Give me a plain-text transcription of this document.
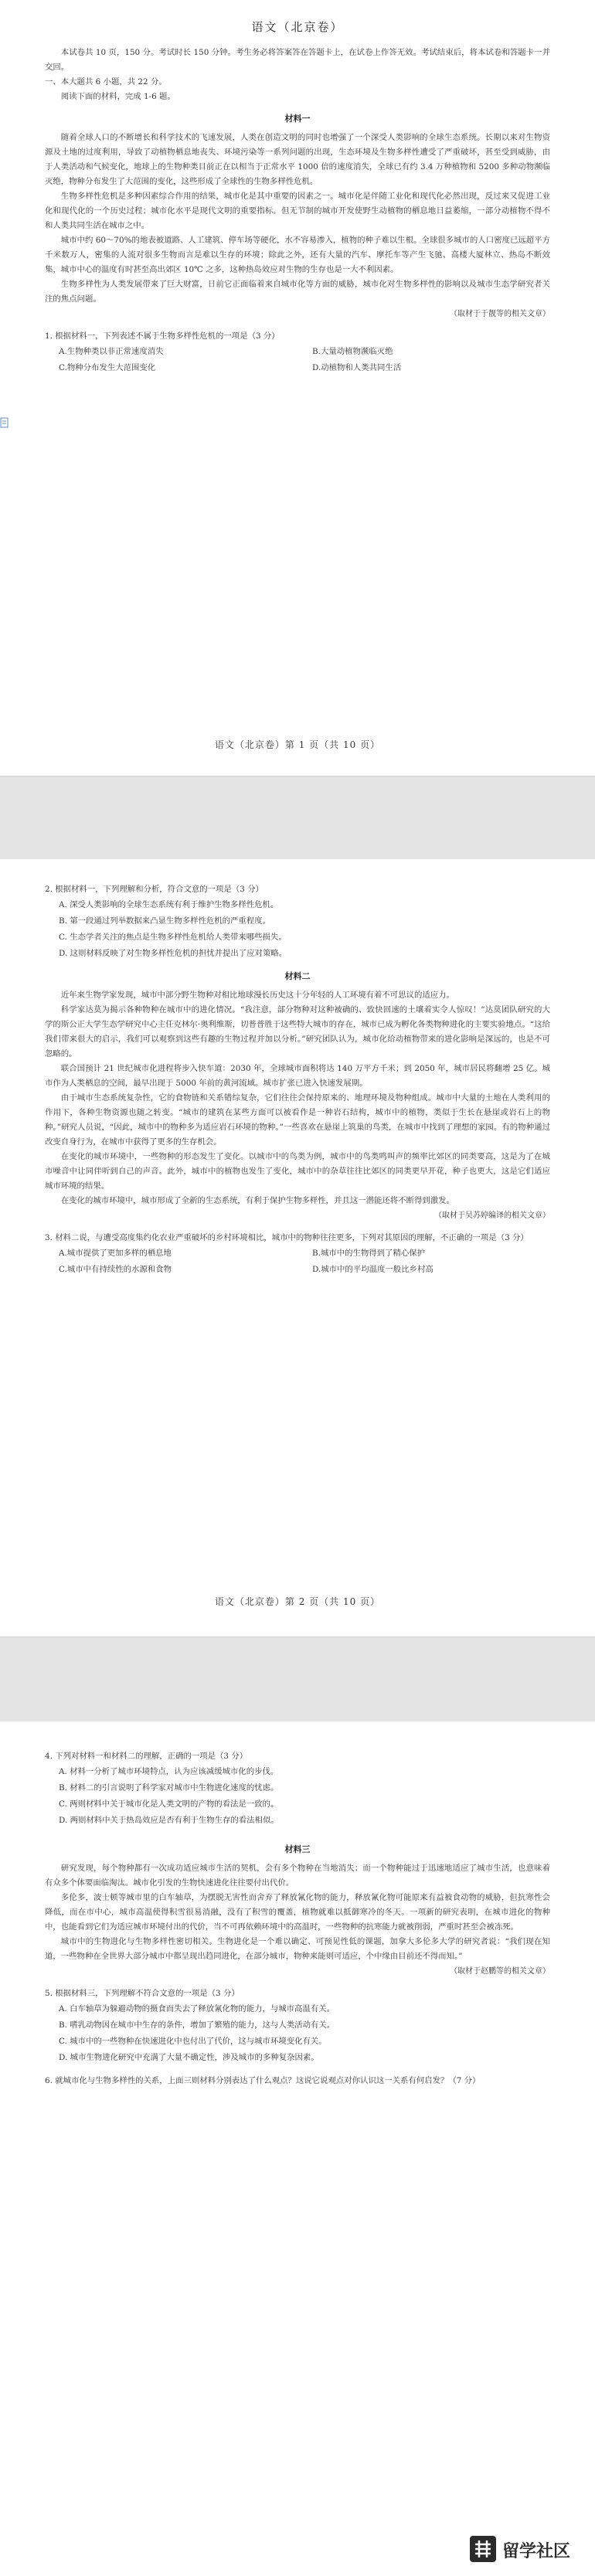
语文（北京卷）

本试卷共 10 页，150 分。考试时长 150 分钟。考生务必将答案答在答题卡上，在试卷上作答无效。考试结束后，将本试卷和答题卡一并交回。

一、本大题共 6 小题，共 22 分。

阅读下面的材料，完成 1-6 题。

材料一

随着全球人口的不断增长和科学技术的飞速发展，人类在创造文明的同时也增强了一个深受人类影响的全球生态系统。长期以来对生物资源及土地的过度利用，导致了动植物栖息地丧失、环境污染等一系列问题的出现，生态环境及生物多样性遭受了严重破坏，甚至受到威胁，由于人类活动和气候变化，地球上的生物种类目前正在以相当于正常水平 1000 倍的速度消失，全球已有约 3.4 万种植物和 5200 多种动物濒临灭绝，物种分布发生了大范围的变化，这些形成了全球性的生物多样性危机。

生物多样性危机是多种因素综合作用的结果，城市化是其中重要的因素之一。城市化是伴随工业化和现代化必然出现，反过来又促进工业化和现代化的一个历史过程；城市化水平是现代文明的重要指标。但无节制的城市开发使野生动植物的栖息地日益萎缩，一部分动植物不得不和人类共同生活在城市之中。

城市中约 60～70%的地表被道路、人工建筑、停车场等硬化，水不容易渗入，植物的种子难以生根。全球很多城市的人口密度已远超平方千米数万人，密集的人流对很多生物而言是难以生存的环境；除此之外，还有大量的汽车、摩托车等产生飞驰、高楼大厦林立、热岛不断效集，城市中心的温度有时甚至高出郊区 10℃ 之多，这种热岛效应对生物的生存也是一大不利因素。

生物多样性为人类发展带来了巨大财富，日前它正面临着来自城市化等方面的威胁，城市化对生物多样性的影响以及城市生态学研究者关注的焦点问题。

（取材于于靓等的相关文章）
1. 根据材料一，下列表述不属于生物多样性危机的一项是（3 分）
A.生物种类以非正常速度消失	B.大量动植物濒临灭绝
C.物种分布发生大范围变化	D.动植物和人类共同生活
语文（北京卷）第 1 页（共 10 页）
2. 根据材料一，下列理解和分析，符合文意的一项是（3 分）
A. 深受人类影响的全球生态系统有利于维护生物多样性危机。
B. 第一段通过列举数据来凸显生物多样性危机的严重程度。
C. 生态学者关注的焦点是生物多样性危机给人类带来哪些损失。
D. 这则材料反映了对生物多样性危机的担忧并提出了应对策略。
材料二

近年来生物学家发现，城市中部分野生物种对相比地球漫长历史这十分年轻的人工环境有着不可思议的适应力。

科学家达莫为揭示各种物种在城市中的进化情况。“我注意，部分物种对这种被确的、致快回速的土壤着实令人惊叹！”达莫团队研究的大学的斯公正大学生态学研究中心主任克林尔·奥利维斯，切普普胜于这些特大城市的存在，城市已成为孵化各类物种进化的主要实验地点。“这给我们带来很大的启示，我们可以观察到这些有趣的生物过程并加以分析。”研究团队认为，城市化给动植物带来的进化影响是深远的，也是不可忽略的。

联合国预计 21 世纪城市化进程将步入快车道：2030 年，全球城市面积将达 140 万平方千米；到 2050 年，城市居民将翻增 25 亿。城市作为人类栖息的空间，最早出现于 5000 年前的黄河流域。城市扩张已进入快速发展期。

由于城市生态系统复杂性，它的食物链和关系错综复杂，它们往往会保持原来的、地理环境及物种组成。城市中大量的土地在人类利用的作用下，各种生物资源也随之转变。“城市的建筑在某些方面可以被看作是一种岩石结构，城市中的植物，类似于生长在悬崖或岩石上的物种。”研究人员说，“因此，城市中的物种多为适应岩石环境的物种。”一些喜欢在悬崖上筑巢的鸟类，在城市中找到了理想的家园。有的物种通过改变自身行为，在城市中获得了更多的生存机会。

在变化的城市环境中，一些物种的形态发生了变化。以城市中的鸟类为例，城市中的鸟类鸣叫声的频率比郊区的同类要高，这是为了在城市噪音中让同伴听到自己的声音。此外，城市中的植物也发生了变化，城市中的杂草往往比郊区的同类更早开花，种子也更大，这是它们适应城市环境的结果。

在变化的城市环境中，城市形成了全新的生态系统，有利于保护生物多样性，并且这一潜能还将不断得到激发。

（取材于吴苏婷编译的相关文章）
3. 材料二说，与遭受高度集约化农业严重破坏的乡村环境相比，城市中的物种往往更多，下列对其原因的理解，不正确的一项是（3 分）
A.城市提供了更加多样的栖息地	B.城市中的生物得到了精心保护
C.城市中有持续性的水源和食物	D.城市中的平均温度一般比乡村高
语文（北京卷）第 2 页（共 10 页）
4. 下列对材料一和材料二的理解，正确的一项是（3 分）
A. 材料一分析了城市环境特点，认为应该减缓城市化的步伐。
B. 材料二的引言说明了科学家对城市中生物进化速度的忧虑。
C. 两则材料中关于城市化是人类文明的产物的看法是一致的。
D. 两则材料中关于热岛效应是否有利于生物生存的看法相似。
材料三

研究发现，每个物种都有一次成功适应城市生活的契机，会有多个物种在当地消失；而一个物种能过于迅速地适应了城市生活，也意味着有众多个体要面临淘汰。城市化引发的生物快速进化往往要付出代价。

多伦多，波士顿等城市里的白车轴草，为摆脱无害性而舍弃了释放氰化物的能力，释放氰化物可能原来有益被食动物的威胁，但抗寒性会降低，而在市中心，城市高温使得积雪很易消融，没有了积雪的覆盖，植物就难以抵御寒冷的冬天。一项新的研究表明，在城市进化的物种中，也能看到它们为适应城市环境付出的代价，当不可再依赖环境中的高温时，一些物种的抗寒能力就被削弱，严重时甚至会被冻死。

城市中的生物进化与生物多样性密切相关。生物进化是一个难以确定、可预见性低的课题，加拿大多伦多大学的研究者说：“我们现在知道，一些物种在全世界大部分城市中都呈现出趋同进化，在部分城市，物种来能则可适应，个中缘由目前还不得而知。”

（取材于赵鹏等的相关文章）
5. 根据材料三，下列理解不符合文意的一项是（3 分）
A. 白车轴草为躲避动物的摄食而失去了释放氰化物的能力，与城市高温有关。
B. 嗜乳动物因在城市中生存的条件，增加了繁殖的能力，这与人类活动有关。
C. 城市中的一些物种在快速进化中也付出了代价，这与城市环境变化有关。
D. 城市生物进化研究中充满了大量不确定性，涉及城市的多种复杂因素。
6. 就城市化与生物多样性的关系，上面三则材料分别表达了什么观点？这说它说观点对你认识这一关系有何启发？（7 分）
留学社区
